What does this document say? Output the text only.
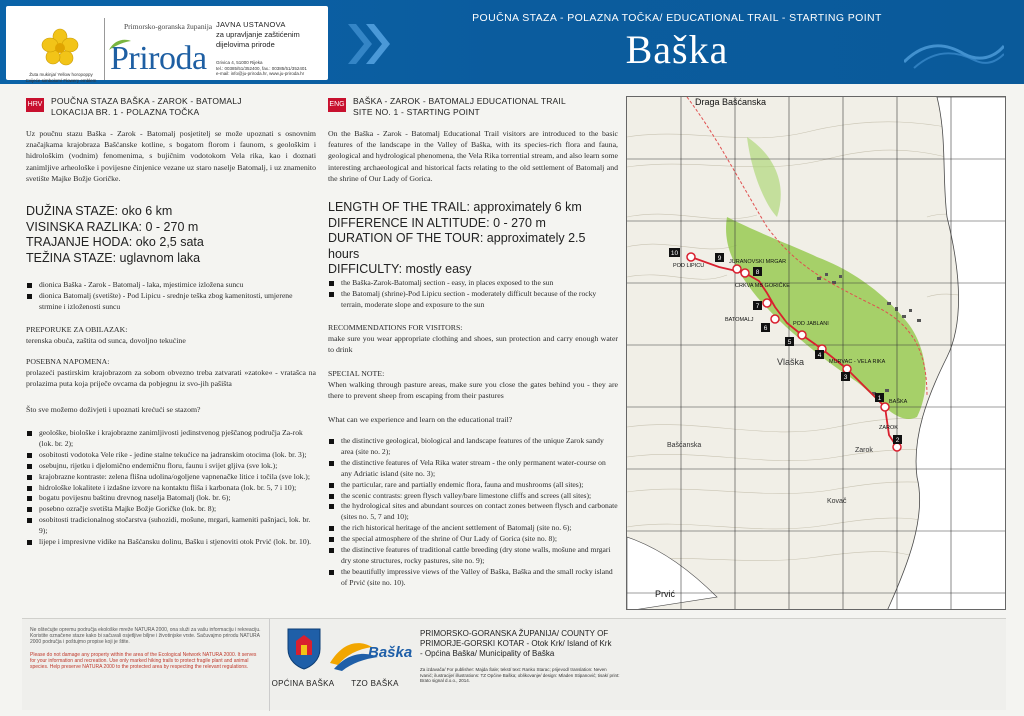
Žuta mukinja/ Yellow horopoppy
Cvijeće simbolom/ Flowery emblem
Primorsko-goranska županija
Priroda
JAVNA USTANOVA
za upravljanje zaštićenim
dijelovima prirode
Grivica 4, 51000 Rijeka
tel.: 00385/51/352400, fax.: 00385/51/352401
e-mail: info@ju-priroda.hr, www.ju-priroda.hr
POUČNA STAZA - POLAZNA TOČKA/ EDUCATIONAL TRAIL - STARTING POINT
Baška
HRV POUČNA STAZA BAŠKA - ZAROK - BATOMALJ
LOKACIJA BR. 1 - POLAZNA TOČKA
Uz poučnu stazu Baška - Zarok - Batomalj posjetitelj se može upoznati s osnovnim značajkama krajobraza Bašćanske kotline, s bogatom florom i faunom, s geološkim i hidrološkim (vodnim) fenomenima, s bujičnim vodotokom Vela rika, kao i doznati zanimljive arheološke i povijesne činjenice vezane uz staro naselje Batomalj, i uz znamenito svetište Majke Božje Goričke.
DUŽINA STAZE: oko 6 km
VISINSKA RAZLIKA: 0 - 270 m
TRAJANJE HODA: oko 2,5 sata
TEŽINA STAZE: uglavnom laka
dionica Baška - Zarok - Batomalj - laka, mjestimice izložena suncu
dionica Batomalj (svetište) - Pod Lipicu - srednje teška zbog kamenitosti, umjerene strmine i izloženosti suncu
PREPORUKE ZA OBILAZAK:
terenska obuća, zaštita od sunca, dovoljno tekućine
POSEBNA NAPOMENA:
prolazeći pastirskim krajobrazom za sobom obvezno treba zatvarati »zatoke« - vratašca na prolazima puta koja priječe ovcama da pobjegnu iz svo-jih pašišta
Što sve možemo doživjeti i upoznati krećući se stazom?
geološke, biološke i krajobrazne zanimljivosti jedinstvenog pješčanog područja Za-rok (lok. br. 2);
osobitosti vodotoka Vele rike - jedine stalne tekućice na jadranskim otocima (lok. br. 3);
osebujnu, rijetku i djelomično endemičnu floru, faunu i svijet gljiva (sve lok.);
krajobrazne kontraste: zelena flišna udolina/ogoljene vapnenačke litice i točila (sve lok.);
hidrološke lokalitete i izdašne izvore na kontaktu fliša i karbonata (lok. br. 5, 7 i 10);
bogatu povijesnu baštinu drevnog naselja Batomalj (lok. br. 6);
posebno ozračje svetišta Majke Božje Goričke (lok. br. 8);
osobitosti tradicionalnog stočarstva (suhozidi, mošune, mrgari, kameniti pašnjaci, lok. br. 9);
lijepe i impresivne vidike na Bašćansku dolinu, Bašku i stjenoviti otok Prvić (lok. br. 10).
ENG BAŠKA - ZAROK - BATOMALJ EDUCATIONAL TRAIL
SITE NO. 1 - STARTING POINT
On the Baška - Zarok - Batomalj Educational Trail visitors are introduced to the basic features of the landscape in the Valley of Baška, with its species-rich flora and fauna, geological and hydrological phenomena, the Vela Rika torrential stream, and also learn some interesting archaeological and historical facts relating to the old settlement of Batomalj and the shrine of Our Lady of Gorica.
LENGTH OF THE TRAIL: approximately 6 km
DIFFERENCE IN ALTITUDE: 0 - 270 m
DURATION OF THE TOUR: approximately 2.5 hours
DIFFICULTY: mostly easy
the Baška-Zarok-Batomalj section - easy, in places exposed to the sun
the Batomalj (shrine)-Pod Lipicu section - moderately difficult because of the rocky terrain, moderate slope and exposure to the sun
RECOMMENDATIONS FOR VISITORS:
make sure you wear appropriate clothing and shoes, sun protection and carry enough water to drink
SPECIAL NOTE:
When walking through pasture areas, make sure you close the gates behind you - they are there to prevent sheep from escaping from their pastures
What can we experience and learn on the educational trail?
the distinctive geological, biological and landscape features of the unique Zarok sandy area (site no. 2);
the distinctive features of Vela Rika water stream - the only permanent water-course on any Adriatic island (site no. 3);
the particular, rare and partially endemic flora, fauna and mushrooms (all sites);
the scenic contrasts: green flysch valley/bare limestone cliffs and screes (all sites);
the hydrological sites and abundant sources on contact zones between flysch and carbonate (sites no. 5, 7 and 10);
the rich historical heritage of the ancient settlement of Batomalj (site no. 6);
the special atmosphere of the shrine of Our Lady of Gorica (site no. 8);
the distinctive features of traditional cattle breeding (dry stone walls, mošune and mrgari dry stone structures, rocky pastures, site no. 9);
the beautifully impressive views of the Valley of Baška, Baška and the small rocky island of Prvić (site no. 10).
1
2
3
4
5
6
7
8
9
10
Draga Bašćanska
POD LIPICU
JURANOVSKI MRGAR
CRKVA MB GORIČKE
BATOMALJ
POD JABLANI
MURVAC - VELA RIKA
ZAROK
BAŠKA
Prvić
Vlaška
Zarok
Bašćanska
Kovač
Ne oštećujte opremu područja ekološke mreže NATURA 2000, ona služi za vašu informaciju i rekreaciju. Koristite označene staze kako bi sačuvali osjetljive biljne i životinjske vrste. Sačuvajmo prirodu NATURA 2000 područja i poštujmo propise koji je štite.
Please do not damage any property within the area of the Ecological Network NATURA 2000. It serves for your information and recreation. Use only marked hiking trails to protect fragile plant and animal species. Help preserve NATURA 2000 to the protected area by respecting the relevant regulations.
OPĆINA BAŠKA
Baška
TZO BAŠKA
PRIMORSKO-GORANSKA ŽUPANIJA/ COUNTY OF
PRIMORJE-GORSKI KOTAR - Otok Krk/ Island of Krk
- Općina Baška/ Municipality of Baška
Za izdavača/ For publisher: Majda Šale; tekst/ text: Ranko Starac; prijevod/ translation: Neven Ivanić; ilustracije/ illustrations: TZ Općine Baška; oblikovanje/ design: Mladen Stipanović; tisak/ print: Brato signal d.o.o., 2014.
